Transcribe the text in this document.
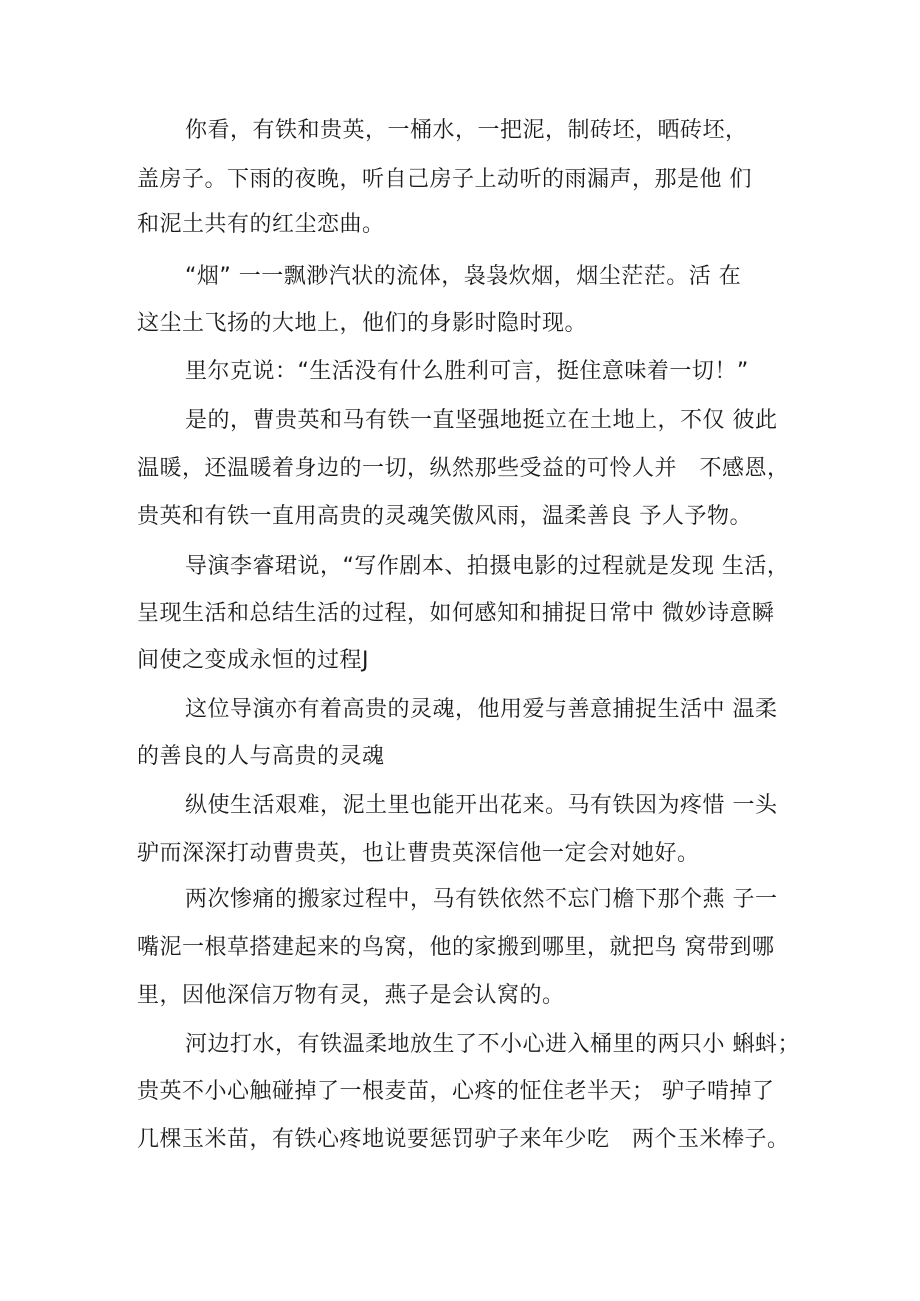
你看，有铁和贵英，一桶水，一把泥，制砖坯，晒砖坯，
盖房子。下雨的夜晚，听自己房子上动听的雨漏声，那是他 们
和泥土共有的红尘恋曲。
“烟” 一一飘渺汽状的流体，袅袅炊烟，烟尘茫茫。活 在
这尘土飞扬的大地上，他们的身影时隐时现。
里尔克说：“生活没有什么胜利可言，挺住意味着一切！”
是的，曹贵英和马有铁一直坚强地挺立在土地上，不仅 彼此
温暖，还温暖着身边的一切，纵然那些受益的可怜人并   不感恩，
贵英和有铁一直用高贵的灵魂笑傲风雨，温柔善良 予人予物。
导演李睿珺说，“写作剧本、拍摄电影的过程就是发现 生活，
呈现生活和总结生活的过程，如何感知和捕捉日常中 微妙诗意瞬
间使之变成永恒的过程J
这位导演亦有着高贵的灵魂，他用爱与善意捕捉生活中 温柔
的善良的人与高贵的灵魂
纵使生活艰难，泥土里也能开出花来。马有铁因为疼惜 一头
驴而深深打动曹贵英，也让曹贵英深信他一定会对她好。
两次惨痛的搬家过程中，马有铁依然不忘门檐下那个燕 子一
嘴泥一根草搭建起来的鸟窝，他的家搬到哪里，就把鸟 窝带到哪
里，因他深信万物有灵，燕子是会认窝的。
河边打水，有铁温柔地放生了不小心进入桶里的两只小 蝌蚪；
贵英不小心触碰掉了一根麦苗，心疼的怔住老半天； 驴子啃掉了
几棵玉米苗，有铁心疼地说要惩罚驴子来年少吃   两个玉米棒子。
